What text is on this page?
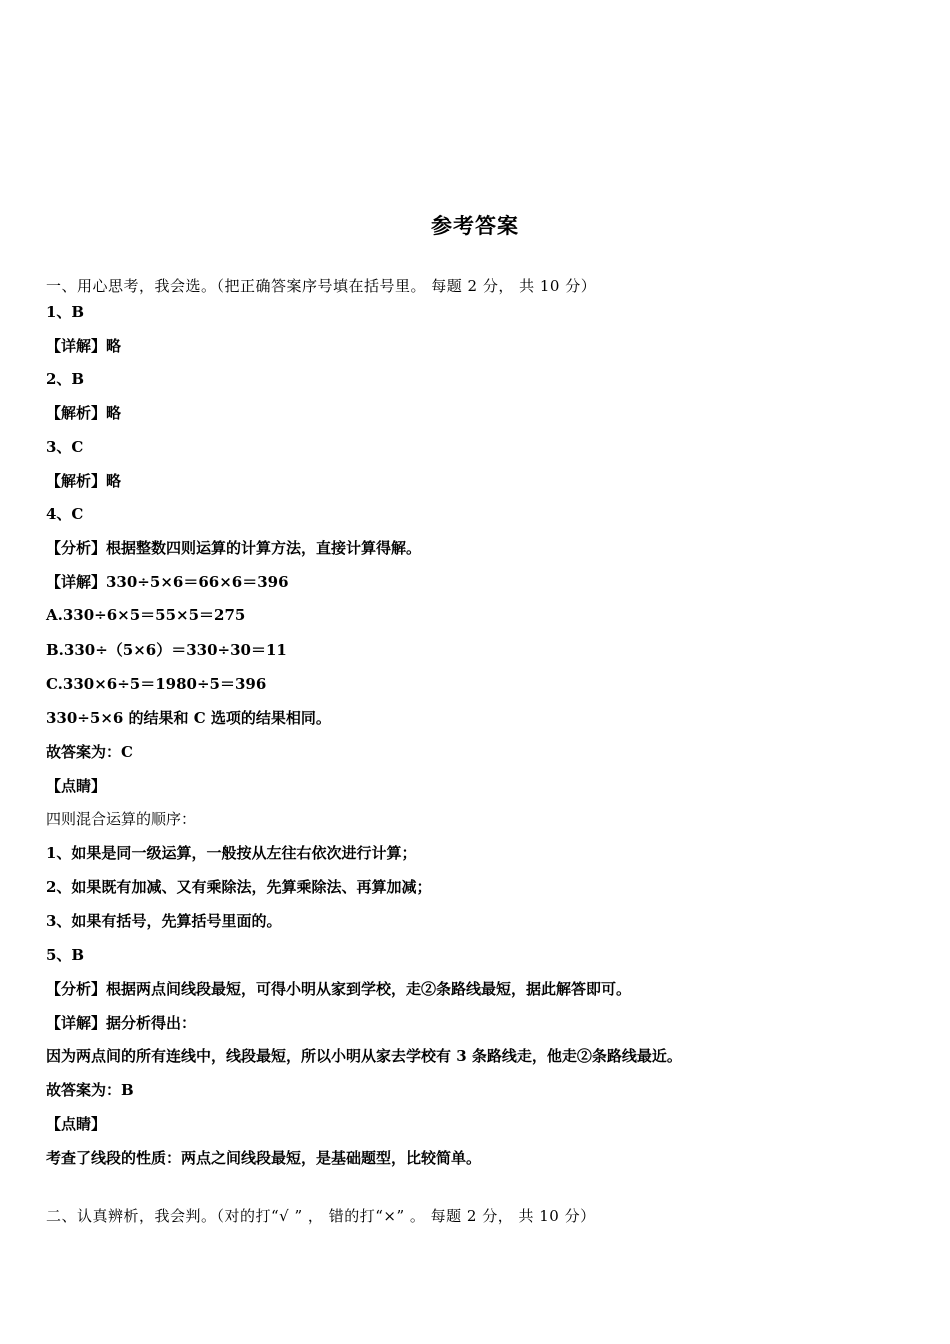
参考答案
一、用心思考，我会选。（把正确答案序号填在括号里。 每题 2 分， 共 10 分）
1、B
【详解】略
2、B
【解析】略
3、C
【解析】略
4、C
【分析】根据整数四则运算的计算方法，直接计算得解。
【详解】330÷5×6＝66×6＝396
A.330÷6×5＝55×5＝275
B.330÷（5×6）＝330÷30＝11
C.330×6÷5＝1980÷5＝396
330÷5×6 的结果和 C 选项的结果相同。
故答案为：C
【点睛】
四则混合运算的顺序：
1、如果是同一级运算，一般按从左往右依次进行计算；
2、如果既有加减、又有乘除法，先算乘除法、再算加减；
3、如果有括号，先算括号里面的。
5、B
【分析】根据两点间线段最短，可得小明从家到学校，走②条路线最短，据此解答即可。
【详解】据分析得出：
因为两点间的所有连线中，线段最短，所以小明从家去学校有 3 条路线走，他走②条路线最近。
故答案为：B
【点睛】
考查了线段的性质：两点之间线段最短，是基础题型，比较简单。
二、认真辨析，我会判。（对的打“√ ” ， 错的打“×” 。 每题 2 分， 共 10 分）
